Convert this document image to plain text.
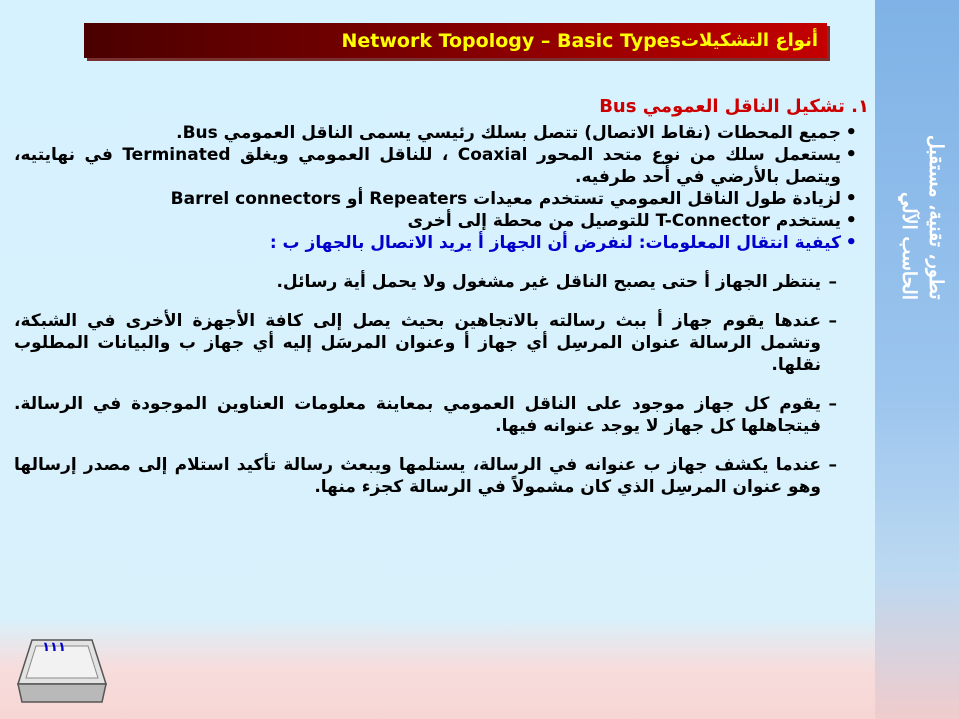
تطور، تقنية، مستقبل
الحاسب الآلي
Network Topology – Basic Types أنواع التشكيلات
١. تشكيل الناقل العمومي Bus

• جميع المحطات (نقاط الاتصال) تتصل بسلك رئيسي يسمى الناقل العمومي Bus.

• يستعمل سلك من نوع متحد المحور Coaxial ، للناقل العمومي ويغلق Terminated في نهايتيه، ويتصل بالأرضي في أحد طرفيه.

• لزيادة طول الناقل العمومي تستخدم معيدات Repeaters أو Barrel connectors

• يستخدم T-Connector للتوصيل من محطة إلى أخرى

• كيفية انتقال المعلومات: لنفرض أن الجهاز أ يريد الاتصال بالجهاز ب :

– ينتظر الجهاز أ حتى يصبح الناقل غير مشغول ولا يحمل أية رسائل.

– عندها يقوم جهاز أ ببث رسالته بالاتجاهين بحيث يصل إلى كافة الأجهزة الأخرى في الشبكة، وتشمل الرسالة عنوان المرسِل أي جهاز أ وعنوان المرسَل إليه أي جهاز ب والبيانات المطلوب نقلها.

– يقوم كل جهاز موجود على الناقل العمومي بمعاينة معلومات العناوين الموجودة في الرسالة. فيتجاهلها كل جهاز لا يوجد عنوانه فيها.

– عندما يكشف جهاز ب عنوانه في الرسالة، يستلمها ويبعث رسالة تأكيد استلام إلى مصدر إرسالها وهو عنوان المرسِل الذي كان مشمولاً في الرسالة كجزء منها.

١١١
